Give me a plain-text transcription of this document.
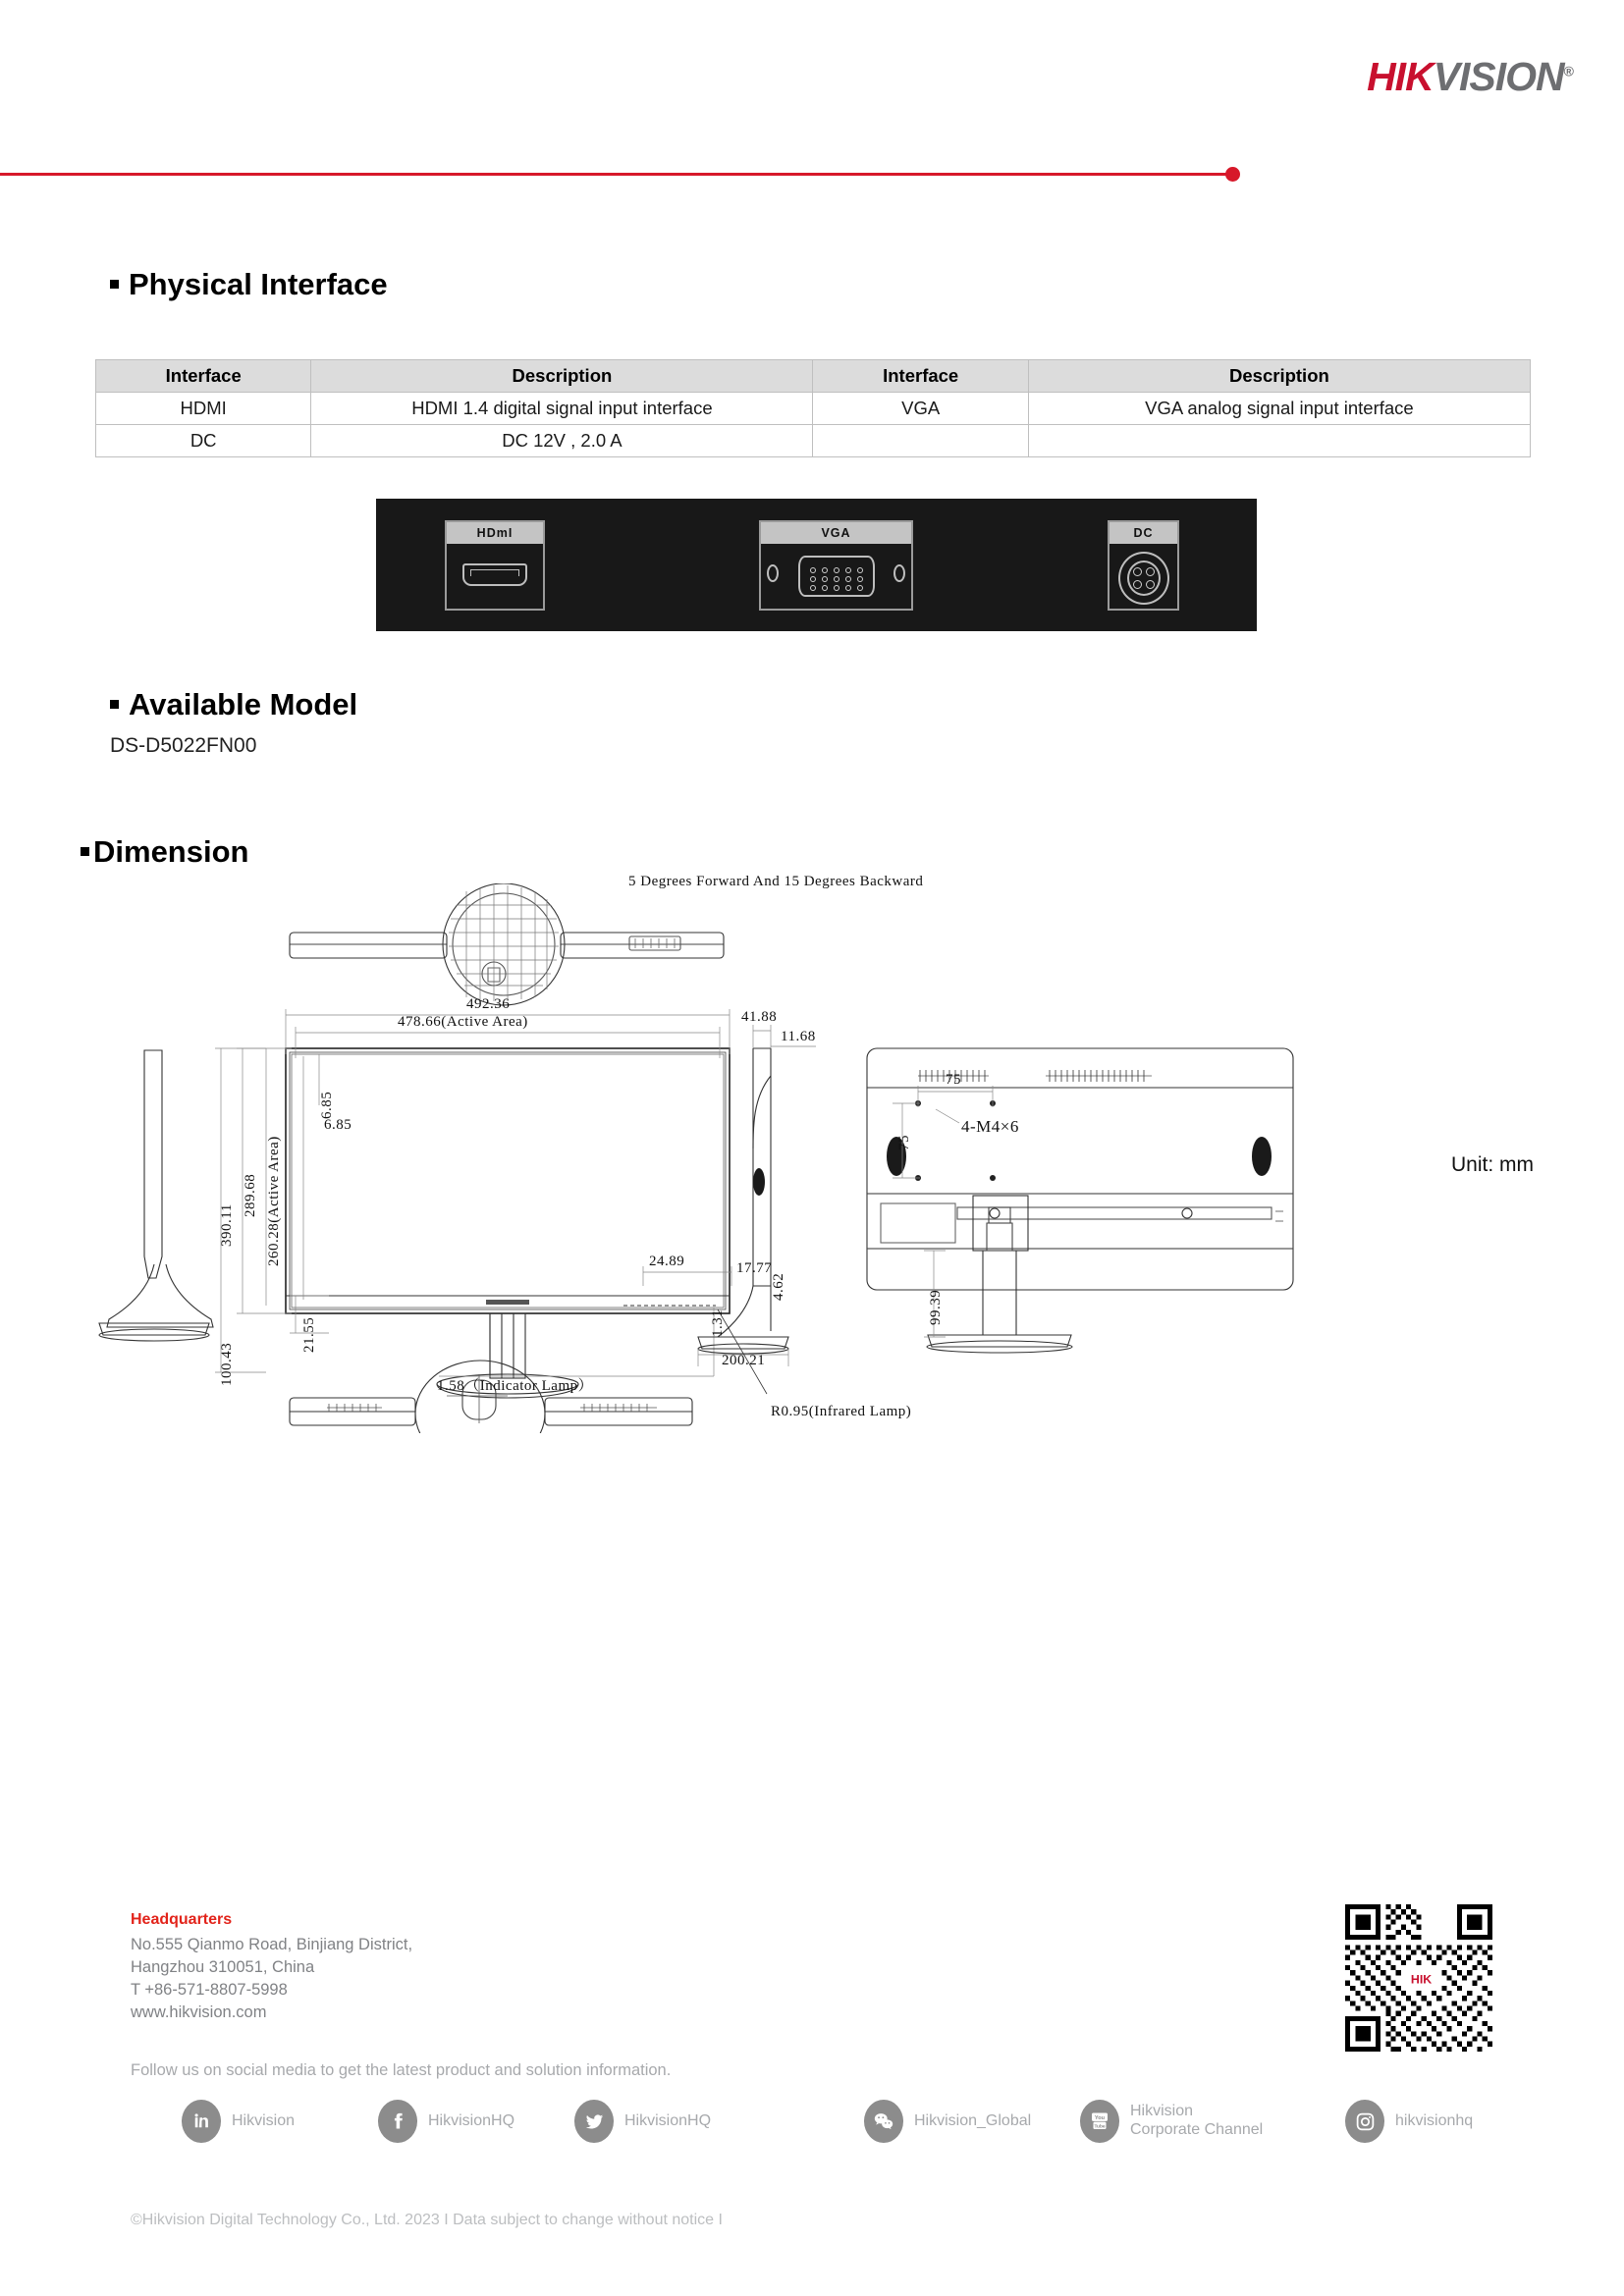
HIKVISION®
Physical Interface
Interface	Description	Interface	Description
HDMI	HDMI 1.4 digital signal input interface	VGA	VGA analog signal input interface
DC	DC 12V , 2.0 A		
HDmI	VGA	DC
Available Model
DS-D5022FN00
Dimension
492.36
478.66(Active Area)
6.85
6.85
390.11
289.68 260.28(Active Area)
100.43
21.55
24.89	17.77
1.31
4.62
1.58（Indicator Lamp）
R0.95(Infrared Lamp)
5 Degrees Forward And 15 Degrees Backward
41.88
11.68
200.21
75
75
4-M4×6
99.39
Unit: mm
Headquarters
No.555 Qianmo Road, Binjiang District,
Hangzhou 310051, China
T +86-571-8807-5998
www.hikvision.com
HIK
Follow us on social media to get the latest product and solution information.
Hikvision	HikvisionHQ	HikvisionHQ	Hikvision_Global	You
Tube
Hikvision
Corporate Channel
hikvisionhq
©Hikvision Digital Technology Co., Ltd. 2023 I Data subject to change without notice I
